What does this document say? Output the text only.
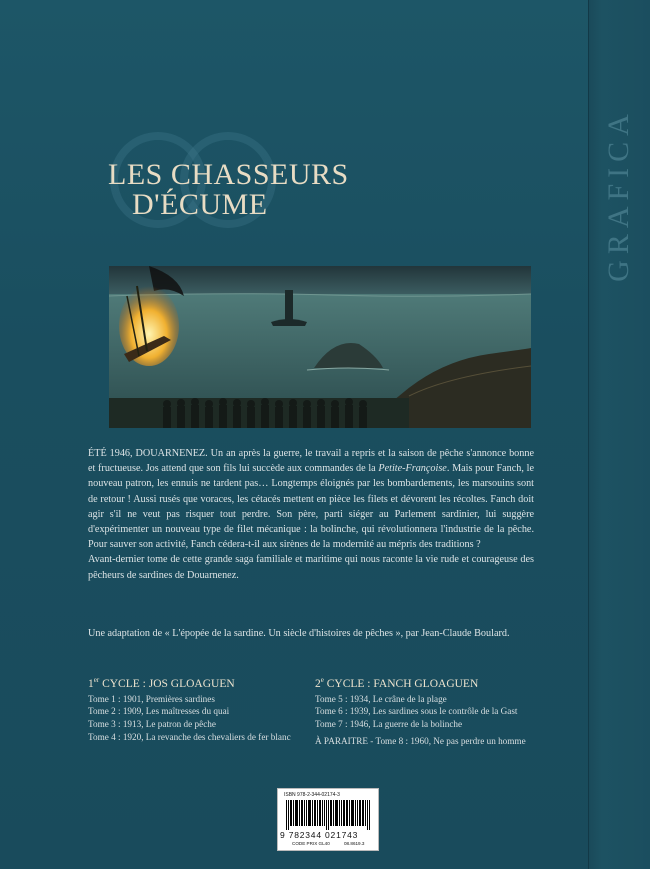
GRAFICA
LES CHASSEURS
D'ÉCUME

ÉTÉ 1946, DOUARNENEZ. Un an après la guerre, le travail a repris et la saison de pêche s'annonce bonne et fructueuse. Jos attend que son fils lui succède aux commandes de la Petite-Françoise. Mais pour Fanch, le nouveau patron, les ennuis ne tardent pas… Longtemps éloignés par les bombardements, les marsouins sont de retour ! Aussi rusés que voraces, les cétacés mettent en pièce les filets et dévorent les récoltes. Fanch doit agir s'il ne veut pas risquer tout perdre. Son père, parti siéger au Parlement sardinier, lui suggère d'expérimenter un nouveau type de filet mécanique : la bolinche, qui révolutionnera l'industrie de la pêche. Pour sauver son activité, Fanch cédera-t-il aux sirènes de la modernité au mépris des traditions ?

Avant-dernier tome de cette grande saga familiale et maritime qui nous raconte la vie rude et courageuse des pêcheurs de sardines de Douarnenez.

Une adaptation de « L'épopée de la sardine. Un siècle d'histoires de pêches », par Jean-Claude Boulard.
1er CYCLE : JOS GLOAGUEN
Tome 1 : 1901, Premières sardines
Tome 2 : 1909, Les maîtresses du quai
Tome 3 : 1913, Le patron de pêche
Tome 4 : 1920, La revanche des chevaliers de fer blanc
2e CYCLE : FANCH GLOAGUEN
Tome 5 : 1934, Le crâne de la plage
Tome 6 : 1939, Les sardines sous le contrôle de la Gast
Tome 7 : 1946, La guerre de la bolinche
À PARAITRE - Tome 8 : 1960, Ne pas perdre un homme
ISBN 978-2-344-02174-3
9 782344 021743
CODE PRIX GL40	08.8619.3
